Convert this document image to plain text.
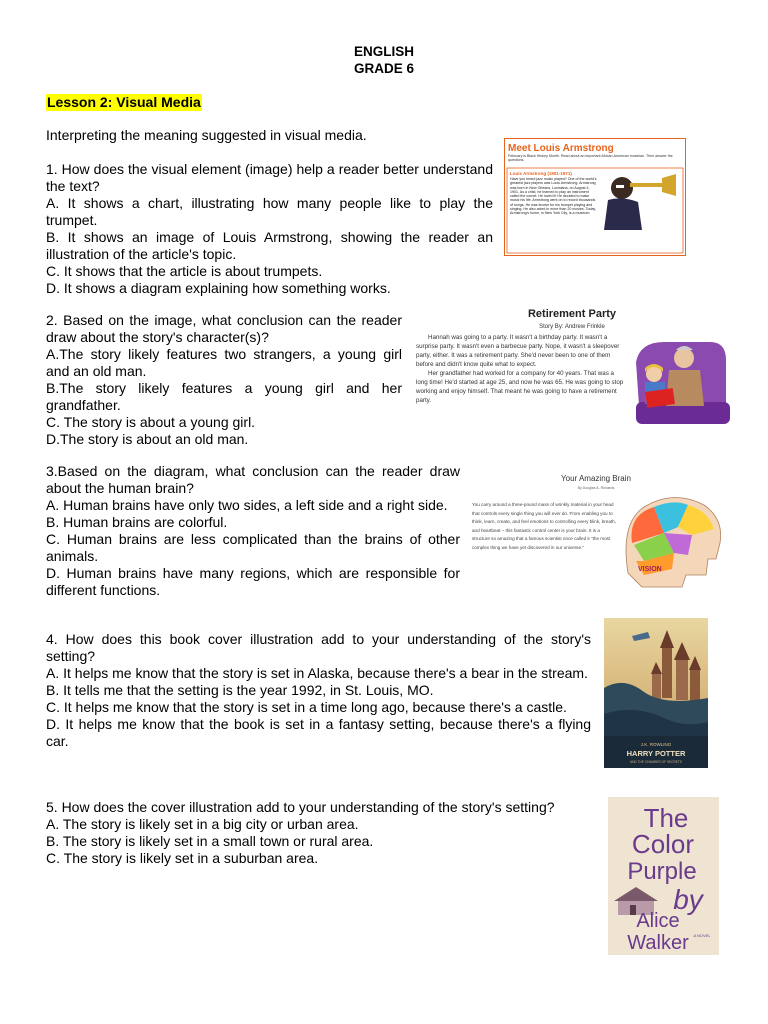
ENGLISH
GRADE 6
Lesson 2: Visual Media
Interpreting the meaning suggested in visual media.

1. How does the visual element (image) help a reader better understand the text?

A. It shows a chart, illustrating how many people like to play the trumpet.

B. It shows an image of Louis Armstrong, showing the reader an illustration of the article's topic.

C. It shows that the article is about trumpets.

D. It shows a diagram explaining how something works.

2. Based on the image, what conclusion can the reader draw about the story's character(s)?

A.The story likely features two strangers, a young girl and an old man.

B.The story likely features a young girl and her grandfather.

C. The story is about a young girl.

D.The story is about an old man.

3.Based on the diagram, what conclusion can the reader draw about the human brain?

A. Human brains have only two sides, a left side and a right side.

B. Human brains are colorful.

C. Human brains are less complicated than the brains of other animals.

D. Human brains have many regions, which are responsible for different functions.

4. How does this book cover illustration add to your understanding of the story's setting?

A. It helps me know that the story is set in Alaska, because there's a bear in the stream.

B. It tells me that the setting is the year 1992, in St. Louis, MO.

C. It helps me know that the story is set in a time long ago, because there's a castle.

D. It helps me know that the book is set in a fantasy setting, because there's a flying car.

5. How does the cover illustration add to your understanding of the story's setting?

A. The story is likely set in a big city or urban area.

B. The story is likely set in a small town or rural area.

C. The story is likely set in a suburban area.

Meet Louis Armstrong
February is Black History Month. Read about an important African-American musician. Then answer the questions.
Louis Armstrong (1901-1971)
Have you heard jazz music played? One of the world's greatest jazz players was Louis Armstrong. Armstrong was born in New Orleans, Louisiana, on August 4, 1901. As a child, he learned to play an instrument called the cornet. He loved it! He decided to make music his life. Armstrong went on to record thousands of songs. He was known for his trumpet playing and singing. He also acted in more than 20 movies. Today, Armstrong's home, in New York City, is a museum.
Retirement Party
Story By: Andrew Frinkle
Hannah was going to a party. It wasn't a birthday party. It wasn't a surprise party. It wasn't even a barbecue party. Nope, it wasn't a sleepover party, either. It was a retirement party. She'd never been to one of them before and didn't know quite what to expect.
Her grandfather had worked for a company for 40 years. That was a long time! He'd started at age 25, and now he was 65. He was going to stop working and enjoy himself. That meant he was going to have a retirement party.
Your Amazing Brain
By Douglas A. Richards
You carry around a three-pound mass of wrinkly material in your head that controls every single thing you will ever do. From enabling you to think, learn, create, and feel emotions to controlling every blink, breath, and heartbeat – this fantastic control center is your brain. It is a structure so amazing that a famous scientist once called it "the most complex thing we have yet discovered in our universe."
VISION
J.K. ROWLING
HARRY POTTER
AND THE CHAMBER OF SECRETS
The
Color
Purple
by
Alice
Walker A NOVEL
